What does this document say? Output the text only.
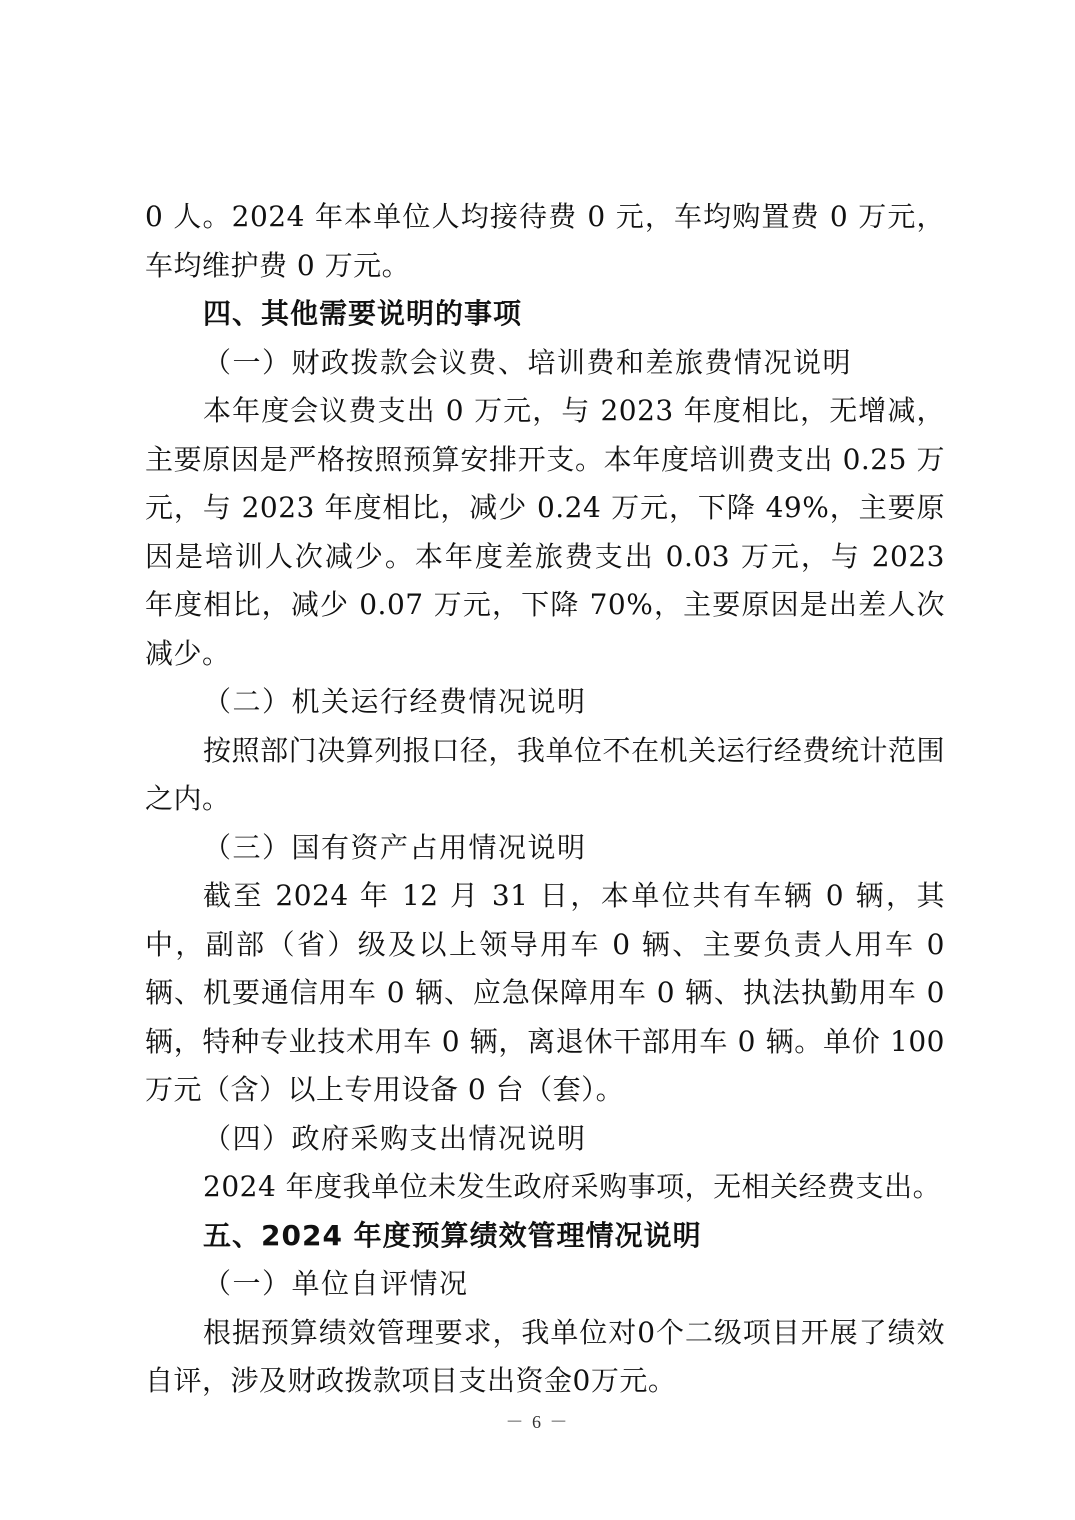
0 人。2024 年本单位人均接待费 0 元，车均购置费 0 万元，车均维护费 0 万元。

四、其他需要说明的事项

（一）财政拨款会议费、培训费和差旅费情况说明

本年度会议费支出 0 万元，与 2023 年度相比，无增减，主要原因是严格按照预算安排开支。本年度培训费支出 0.25 万元，与 2023 年度相比，减少 0.24 万元，下降 49%，主要原因是培训人次减少。本年度差旅费支出 0.03 万元，与 2023 年度相比，减少 0.07 万元，下降 70%，主要原因是出差人次减少。

（二）机关运行经费情况说明

按照部门决算列报口径，我单位不在机关运行经费统计范围之内。

（三）国有资产占用情况说明

截至 2024 年 12 月 31 日，本单位共有车辆 0 辆，其中，副部（省）级及以上领导用车 0 辆、主要负责人用车 0 辆、机要通信用车 0 辆、应急保障用车 0 辆、执法执勤用车 0 辆，特种专业技术用车 0 辆，离退休干部用车 0 辆。单价 100 万元（含）以上专用设备 0 台（套）。

（四）政府采购支出情况说明

2024 年度我单位未发生政府采购事项，无相关经费支出。

五、2024 年度预算绩效管理情况说明

（一）单位自评情况

根据预算绩效管理要求，我单位对0个二级项目开展了绩效自评，涉及财政拨款项目支出资金0万元。

－ 6 －
